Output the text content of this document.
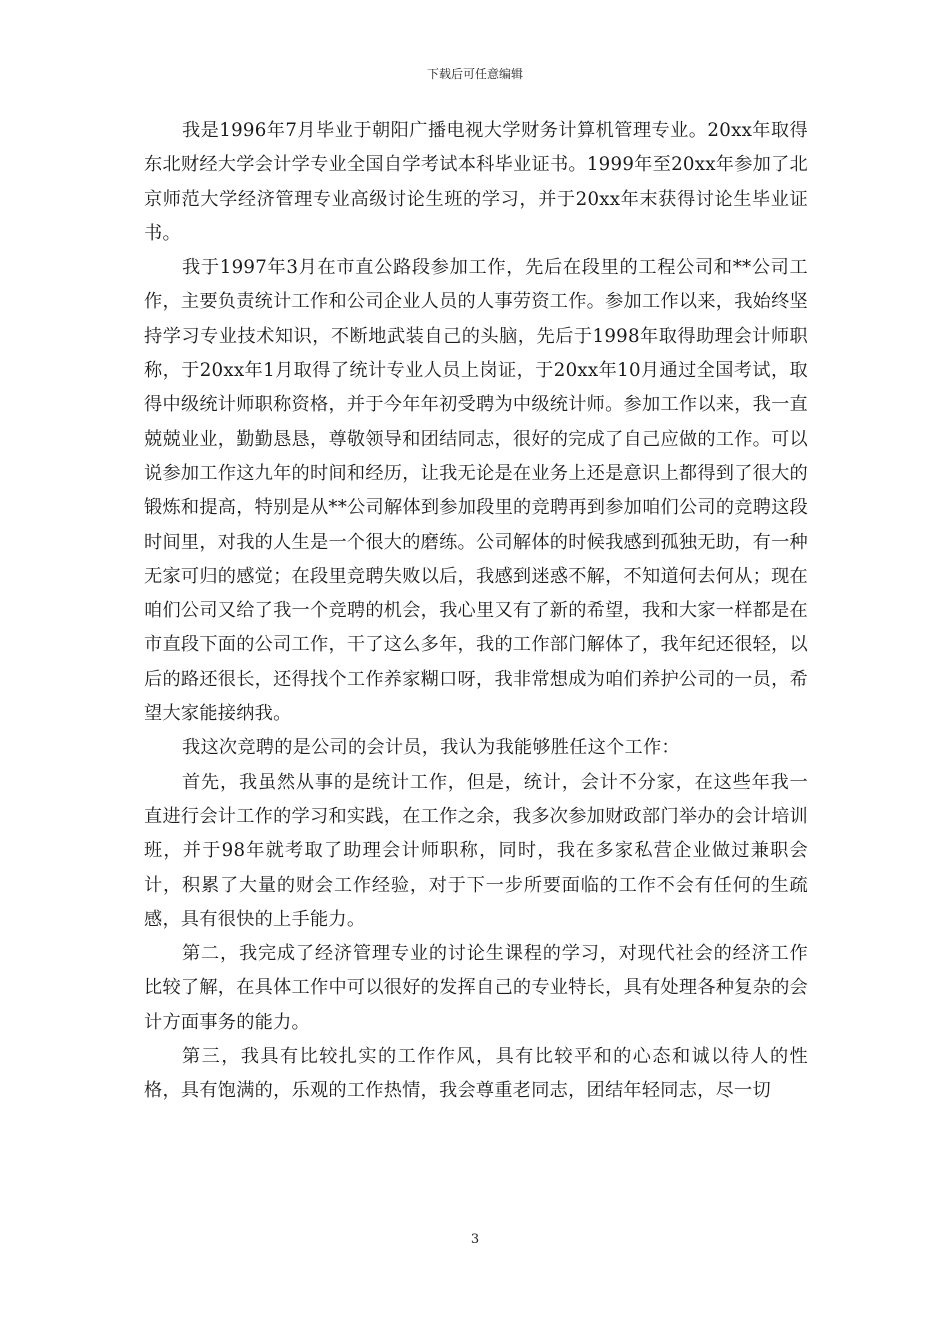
下载后可任意编辑

我是1996年7月毕业于朝阳广播电视大学财务计算机管理专业。20xx年取得东北财经大学会计学专业全国自学考试本科毕业证书。1999年至20xx年参加了北京师范大学经济管理专业高级讨论生班的学习，并于20xx年末获得讨论生毕业证书。

我于1997年3月在市直公路段参加工作，先后在段里的工程公司和**公司工作，主要负责统计工作和公司企业人员的人事劳资工作。参加工作以来，我始终坚持学习专业技术知识，不断地武装自己的头脑，先后于1998年取得助理会计师职称，于20xx年1月取得了统计专业人员上岗证，于20xx年10月通过全国考试，取得中级统计师职称资格，并于今年年初受聘为中级统计师。参加工作以来，我一直兢兢业业，勤勤恳恳，尊敬领导和团结同志，很好的完成了自己应做的工作。可以说参加工作这九年的时间和经历，让我无论是在业务上还是意识上都得到了很大的锻炼和提高，特别是从**公司解体到参加段里的竞聘再到参加咱们公司的竞聘这段时间里，对我的人生是一个很大的磨练。公司解体的时候我感到孤独无助，有一种无家可归的感觉；在段里竞聘失败以后，我感到迷惑不解，不知道何去何从；现在咱们公司又给了我一个竞聘的机会，我心里又有了新的希望，我和大家一样都是在市直段下面的公司工作，干了这么多年，我的工作部门解体了，我年纪还很轻，以后的路还很长，还得找个工作养家糊口呀，我非常想成为咱们养护公司的一员，希望大家能接纳我。

我这次竞聘的是公司的会计员，我认为我能够胜任这个工作：

首先，我虽然从事的是统计工作，但是，统计，会计不分家，在这些年我一直进行会计工作的学习和实践，在工作之余，我多次参加财政部门举办的会计培训班，并于98年就考取了助理会计师职称，同时，我在多家私营企业做过兼职会计，积累了大量的财会工作经验，对于下一步所要面临的工作不会有任何的生疏感，具有很快的上手能力。

第二，我完成了经济管理专业的讨论生课程的学习，对现代社会的经济工作比较了解，在具体工作中可以很好的发挥自己的专业特长，具有处理各种复杂的会计方面事务的能力。

第三，我具有比较扎实的工作作风，具有比较平和的心态和诚以待人的性格，具有饱满的，乐观的工作热情，我会尊重老同志，团结年轻同志，尽一切

3
